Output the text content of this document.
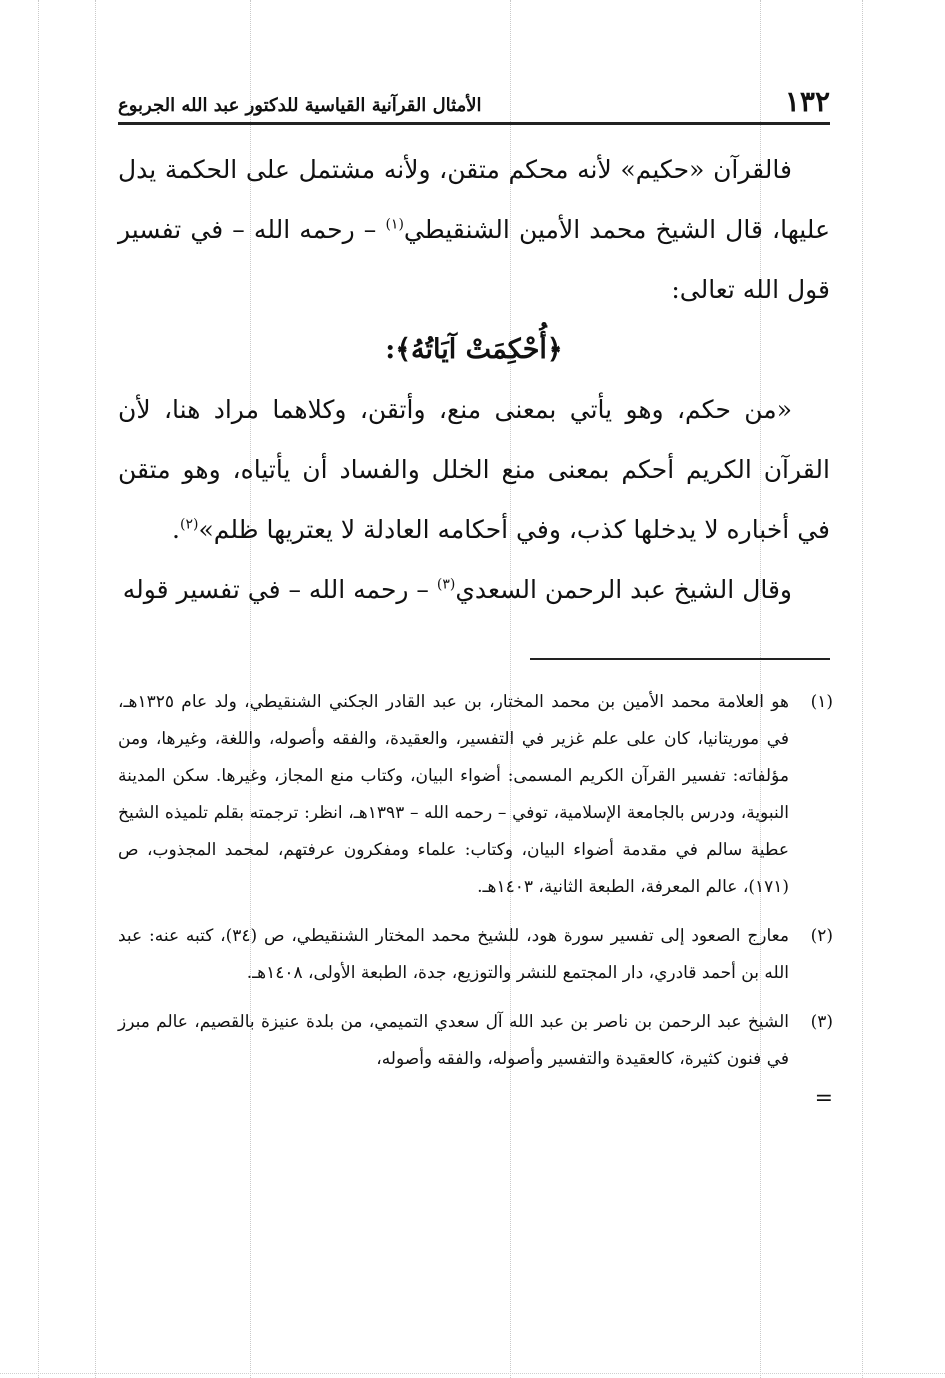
١٣٢
الأمثال القرآنية القياسية للدكتور عبد الله الجربوع

فالقرآن «حكيم» لأنه محكم متقن، ولأنه مشتمل على الحكمة يدل عليها، قال الشيخ محمد الأمين الشنقيطي$^{(١)}$ – رحمه الله – في تفسير قول الله تعالى:

﴿أُحْكِمَتْ آيَاتُهُ﴾:

«من حكم، وهو يأتي بمعنى منع، وأتقن، وكلاهما مراد هنا، لأن القرآن الكريم أحكم بمعنى منع الخلل والفساد أن يأتياه، وهو متقن في أخباره لا يدخلها كذب، وفي أحكامه العادلة لا يعتريها ظلم»$^{(٢)}$.

وقال الشيخ عبد الرحمن السعدي$^{(٣)}$ – رحمه الله – في تفسير قوله

(١)
هو العلامة محمد الأمين بن محمد المختار، بن عبد القادر الجكني الشنقيطي، ولد عام ١٣٢٥هـ، في موريتانيا، كان على علم غزير في التفسير، والعقيدة، والفقه وأصوله، واللغة، وغيرها، ومن مؤلفاته: تفسير القرآن الكريم المسمى: أضواء البيان، وكتاب منع المجاز، وغيرها. سكن المدينة النبوية، ودرس بالجامعة الإسلامية، توفي – رحمه الله – ١٣٩٣هـ، انظر: ترجمته بقلم تلميذه الشيخ عطية سالم في مقدمة أضواء البيان، وكتاب: علماء ومفكرون عرفتهم، لمحمد المجذوب، ص (١٧١)، عالم المعرفة، الطبعة الثانية، ١٤٠٣هـ.
(٢)
معارج الصعود إلى تفسير سورة هود، للشيخ محمد المختار الشنقيطي، ص (٣٤)، كتبه عنه: عبد الله بن أحمد قادري، دار المجتمع للنشر والتوزيع، جدة، الطبعة الأولى، ١٤٠٨هـ.
(٣)
الشيخ عبد الرحمن بن ناصر بن عبد الله آل سعدي التميمي، من بلدة عنيزة بالقصيم، عالم مبرز في فنون كثيرة، كالعقيدة والتفسير وأصوله، والفقه وأصوله،
=
